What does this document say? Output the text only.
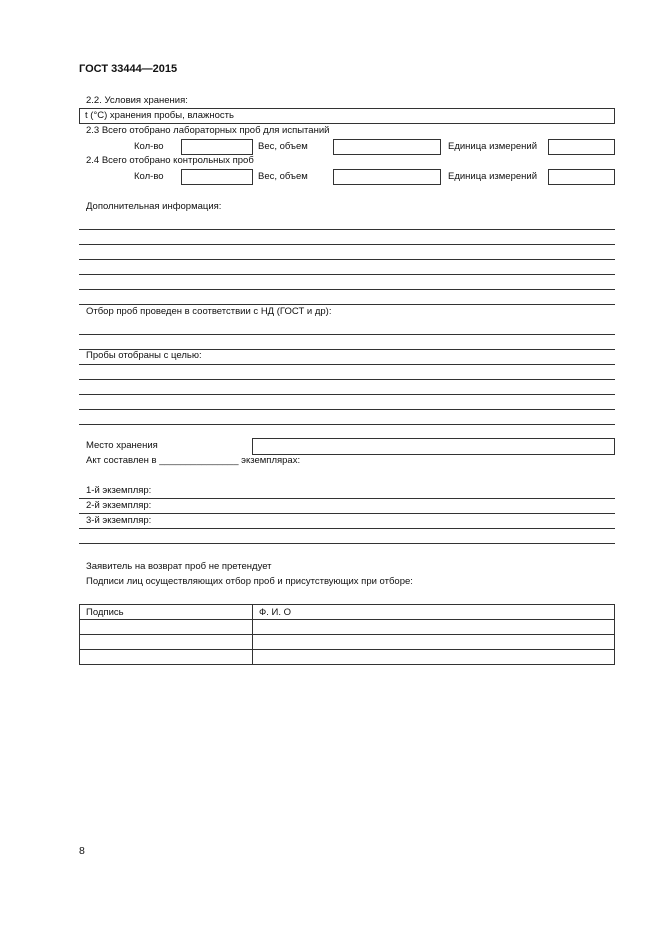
ГОСТ 33444—2015
2.2. Условия хранения:
t (°C) хранения пробы, влажность
2.3 Всего отобрано лабораторных проб для испытаний
Кол-во	Вес, объем	Единица измерений
2.4 Всего отобрано контрольных проб
Кол-во	Вес, объем	Единица измерений
Дополнительная информация:
Отбор проб проведен в соответствии с НД (ГОСТ и др):
Пробы отобраны с целью:
Место хранения
Акт составлен в _______________ экземплярах:
1-й экземпляр:
2-й экземпляр:
3-й экземпляр:
Заявитель на возврат проб не претендует
Подписи лиц осуществляющих отбор проб и присутствующих при отборе:
Подпись	Ф. И. О

8
